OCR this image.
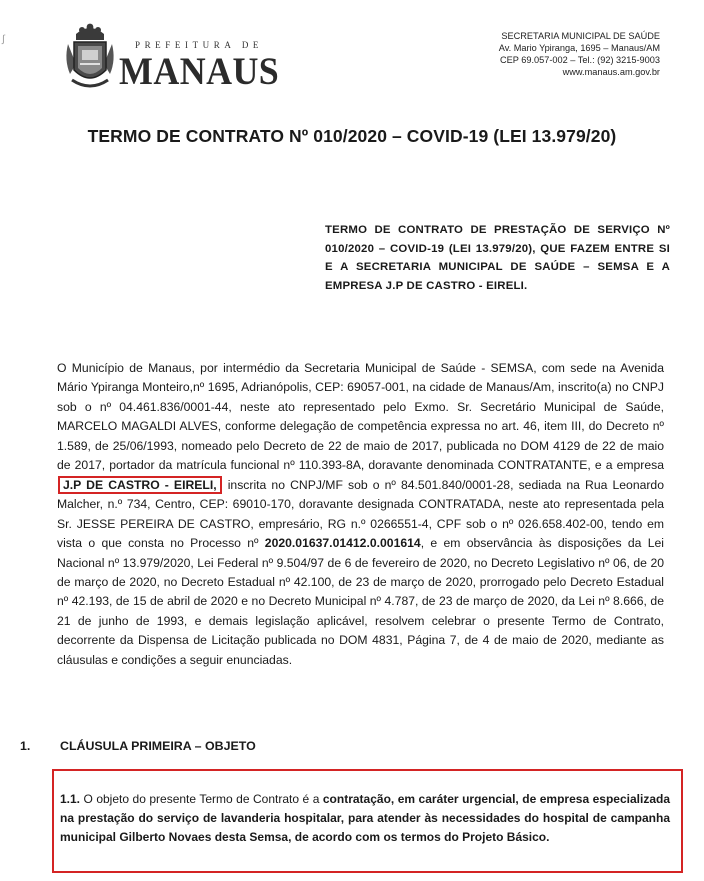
∫	PREFEITURA DE
MANAUS
SECRETARIA MUNICIPAL DE SAÚDE
Av. Mario Ypiranga, 1695 – Manaus/AM
CEP 69.057-002 – Tel.: (92) 3215-9003
www.manaus.am.gov.br
TERMO DE CONTRATO Nº 010/2020 – COVID-19 (LEI 13.979/20)
TERMO DE CONTRATO DE PRESTAÇÃO DE SERVIÇO Nº 010/2020 – COVID-19 (LEI 13.979/20), QUE FAZEM ENTRE SI E A SECRETARIA MUNICIPAL DE SAÚDE – SEMSA E A EMPRESA J.P DE CASTRO - EIRELI.
O Município de Manaus, por intermédio da Secretaria Municipal de Saúde - SEMSA, com sede na Avenida Mário Ypiranga Monteiro,nº 1695, Adrianópolis, CEP: 69057-001, na cidade de Manaus/Am, inscrito(a) no CNPJ sob o nº 04.461.836/0001-44, neste ato representado pelo Exmo. Sr. Secretário Municipal de Saúde, MARCELO MAGALDI ALVES, conforme delegação de competência expressa no art. 46, item III, do Decreto nº 1.589, de 25/06/1993, nomeado pelo Decreto de 22 de maio de 2017, publicada no DOM 4129 de 22 de maio de 2017, portador da matrícula funcional nº 110.393-8A, doravante denominada CONTRATANTE, e a empresa J.P DE CASTRO - EIRELI, inscrita no CNPJ/MF sob o nº 84.501.840/0001-28, sediada na Rua Leonardo Malcher, n.º 734, Centro, CEP: 69010-170, doravante designada CONTRATADA, neste ato representada pela Sr. JESSE PEREIRA DE CASTRO, empresário, RG n.º 0266551-4, CPF sob o nº 026.658.402-00, tendo em vista o que consta no Processo nº 2020.01637.01412.0.001614, e em observância às disposições da Lei Nacional nº 13.979/2020, Lei Federal nº 9.504/97 de 6 de fevereiro de 2020, no Decreto Legislativo nº 06, de 20 de março de 2020, no Decreto Estadual nº 42.100, de 23 de março de 2020, prorrogado pelo Decreto Estadual nº 42.193, de 15 de abril de 2020 e no Decreto Municipal nº 4.787, de 23 de março de 2020, da Lei nº 8.666, de 21 de junho de 1993, e demais legislação aplicável, resolvem celebrar o presente Termo de Contrato, decorrente da Dispensa de Licitação publicada no DOM 4831, Página 7, de 4 de maio de 2020, mediante as cláusulas e condições a seguir enunciadas.
1. CLÁUSULA PRIMEIRA – OBJETO
1.1. O objeto do presente Termo de Contrato é a contratação, em caráter urgencial, de empresa especializada na prestação do serviço de lavanderia hospitalar, para atender às necessidades do hospital de campanha municipal Gilberto Novaes desta Semsa, de acordo com os termos do Projeto Básico.
